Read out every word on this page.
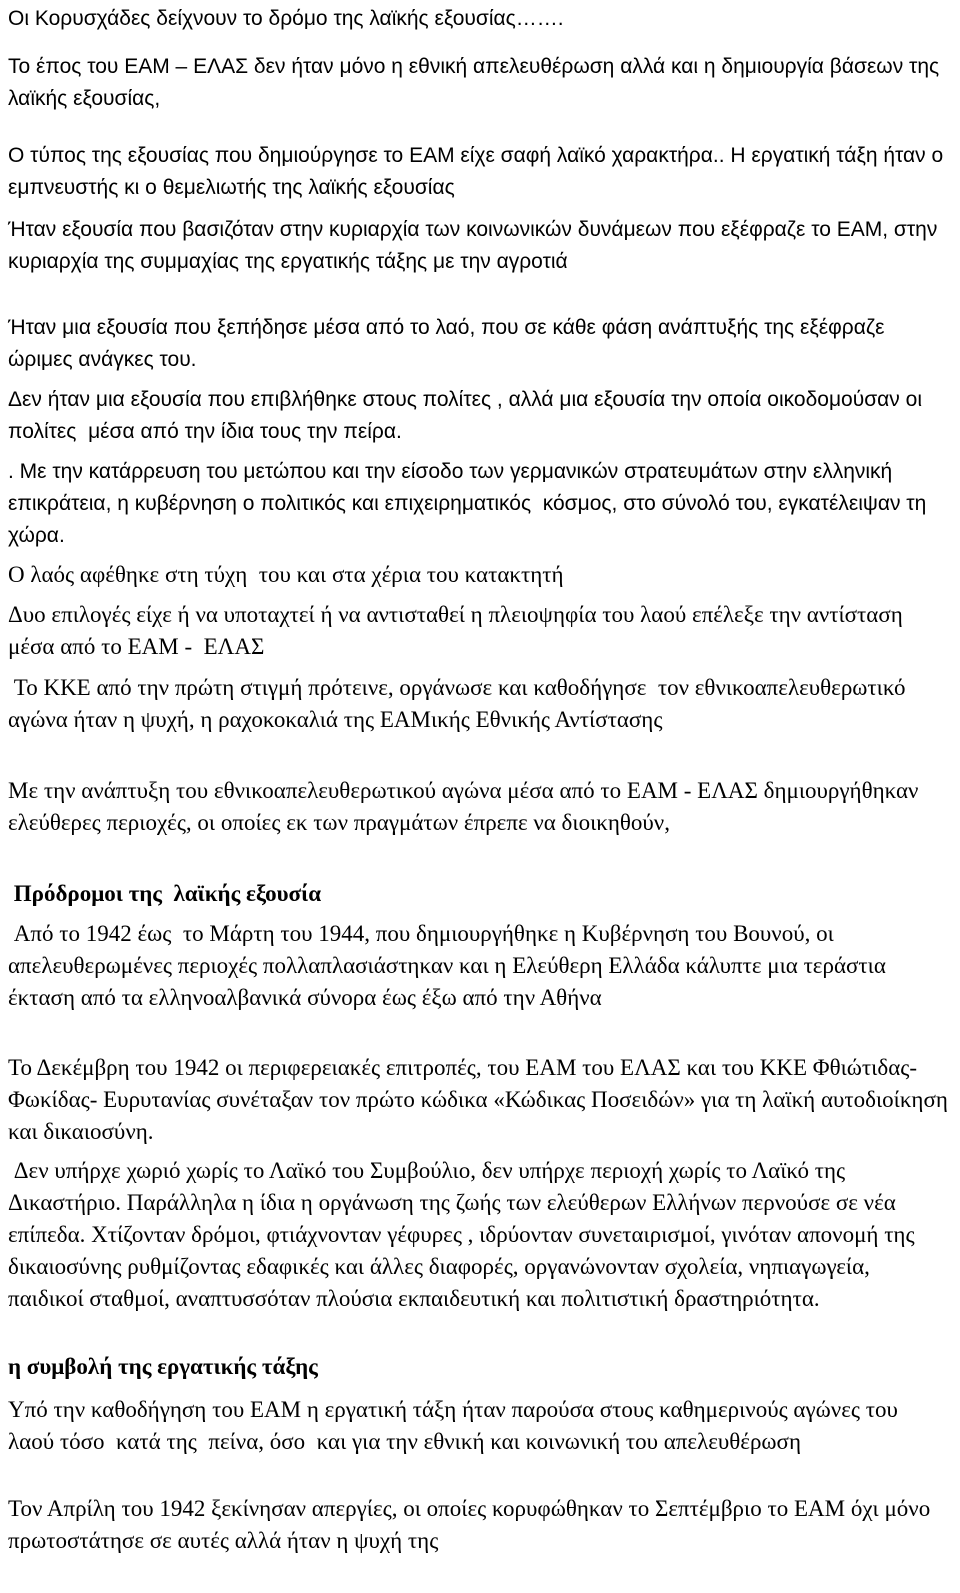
Οι Κορυσχάδες δείχνουν το δρόμο της λαϊκής εξουσίας…….

Το έπος του ΕΑΜ – ΕΛΑΣ δεν ήταν μόνο η εθνική απελευθέρωση αλλά και η δημιουργία βάσεων της λαϊκής εξουσίας,

Ο τύπος της εξουσίας που δημιούργησε το ΕΑΜ είχε σαφή λαϊκό χαρακτήρα.. Η εργατική τάξη ήταν ο εμπνευστής κι ο θεμελιωτής της λαϊκής εξουσίας

Ήταν εξουσία που βασιζόταν στην κυριαρχία των κοινωνικών δυνάμεων που εξέφραζε το ΕΑΜ, στην κυριαρχία της συμμαχίας της εργατικής τάξης με την αγροτιά

Ήταν μια εξουσία που ξεπήδησε μέσα από το λαό, που σε κάθε φάση ανάπτυξής της εξέφραζε ώριμες ανάγκες του.

Δεν ήταν μια εξουσία που επιβλήθηκε στους πολίτες , αλλά μια εξουσία την οποία οικοδομούσαν οι πολίτες  μέσα από την ίδια τους την πείρα.

. Με την κατάρρευση του μετώπου και την είσοδο των γερμανικών στρατευμάτων στην ελληνική επικράτεια, η κυβέρνηση ο πολιτικός και επιχειρηματικός  κόσμος, στο σύνολό του, εγκατέλειψαν τη χώρα.

Ο λαός αφέθηκε στη τύχη  του και στα χέρια του κατακτητή

Δυο επιλογές είχε ή να υποταχτεί ή να αντισταθεί η πλειοψηφία του λαού επέλεξε την αντίσταση μέσα από το ΕΑΜ -  ΕΛΑΣ

Το ΚΚΕ από την πρώτη στιγμή πρότεινε, οργάνωσε και καθοδήγησε  τον εθνικοαπελευθερωτικό αγώνα ήταν η ψυχή, η ραχοκοκαλιά της ΕΑΜικής Εθνικής Αντίστασης

Με την ανάπτυξη του εθνικοαπελευθερωτικού αγώνα μέσα από το ΕΑΜ - ΕΛΑΣ δημιουργήθηκαν ελεύθερες περιοχές, οι οποίες εκ των πραγμάτων έπρεπε να διοικηθούν,

Πρόδρομοι της  λαϊκής εξουσία

Από το 1942 έως  το Μάρτη του 1944, που δημιουργήθηκε η Κυβέρνηση του Βουνού, οι απελευθερωμένες περιοχές πολλαπλασιάστηκαν και η Ελεύθερη Ελλάδα κάλυπτε μια τεράστια έκταση από τα ελληνοαλβανικά σύνορα έως έξω από την Αθήνα

Το Δεκέμβρη του 1942 οι περιφερειακές επιτροπές, του ΕΑΜ του ΕΛΑΣ και του ΚΚΕ Φθιώτιδας- Φωκίδας- Ευρυτανίας συνέταξαν τον πρώτο κώδικα «Κώδικας Ποσειδών» για τη λαϊκή αυτοδιοίκηση και δικαιοσύνη.

Δεν υπήρχε χωριό χωρίς το Λαϊκό του Συμβούλιο, δεν υπήρχε περιοχή χωρίς το Λαϊκό της Δικαστήριο. Παράλληλα η ίδια η οργάνωση της ζωής των ελεύθερων Ελλήνων περνούσε σε νέα επίπεδα. Χτίζονταν δρόμοι, φτιάχνονταν γέφυρες , ιδρύονταν συνεταιρισμοί, γινόταν απονομή της δικαιοσύνης ρυθμίζοντας εδαφικές και άλλες διαφορές, οργανώνονταν σχολεία, νηπιαγωγεία, παιδικοί σταθμοί, αναπτυσσόταν πλούσια εκπαιδευτική και πολιτιστική δραστηριότητα.

η συμβολή της εργατικής τάξης

Υπό την καθοδήγηση του ΕΑΜ η εργατική τάξη ήταν παρούσα στους καθημερινούς αγώνες του λαού τόσο  κατά της  πείνα, όσο  και για την εθνική και κοινωνική του απελευθέρωση

Τον Απρίλη του 1942 ξεκίνησαν απεργίες, οι οποίες κορυφώθηκαν το Σεπτέμβριο το ΕΑΜ όχι μόνο πρωτοστάτησε σε αυτές αλλά ήταν η ψυχή της
